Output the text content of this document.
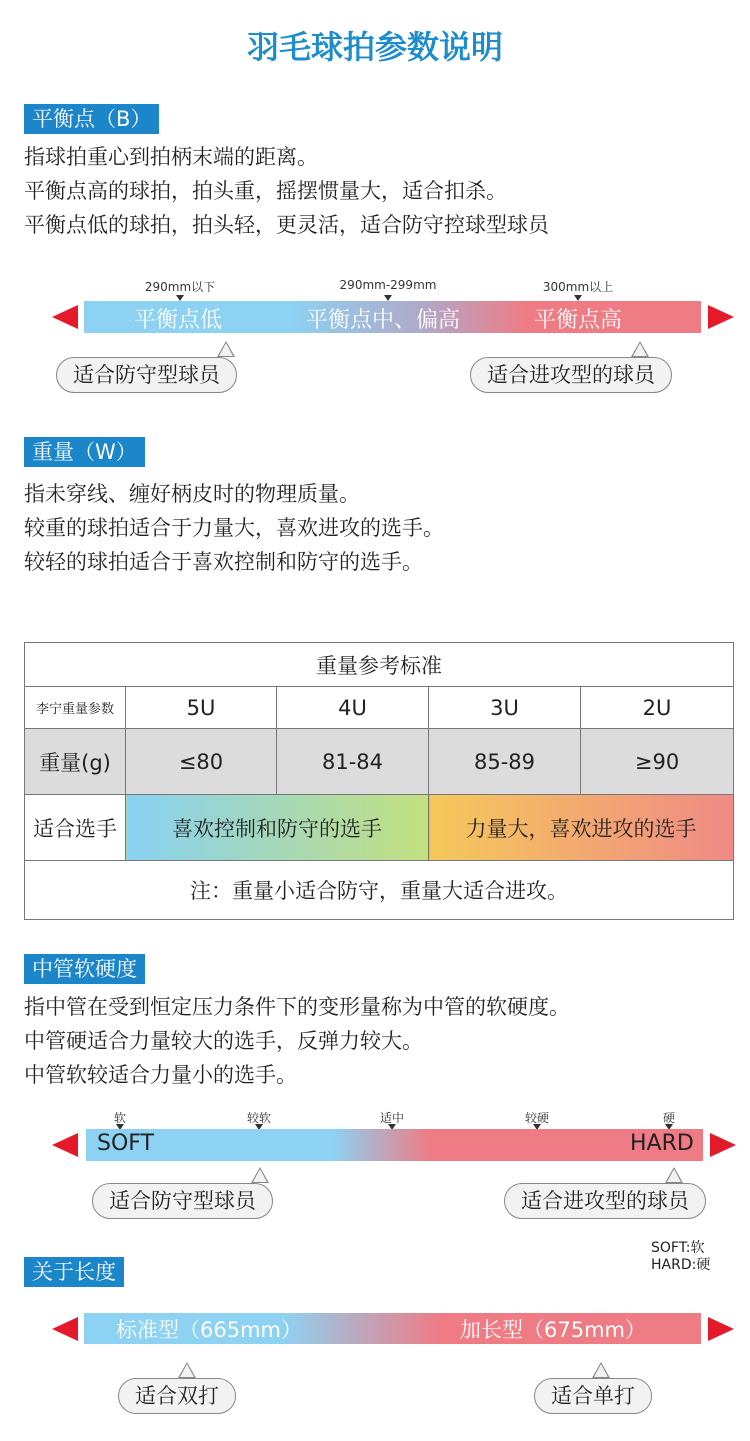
羽毛球拍参数说明
平衡点（B）
指球拍重心到拍柄末端的距离。
平衡点高的球拍，拍头重，摇摆惯量大，适合扣杀。
平衡点低的球拍，拍头轻，更灵活，适合防守控球型球员
290mm以下	290mm-299mm	300mm以上
平衡点低	平衡点中、偏高	平衡点高
适合防守型球员	适合进攻型的球员
重量（W）
指未穿线、缠好柄皮时的物理质量。
较重的球拍适合于力量大，喜欢进攻的选手。
较轻的球拍适合于喜欢控制和防守的选手。
重量参考标准				
李宁重量参数	5U	4U	3U	2U
重量(g)	≤80	81-84	85-89	≥90
适合选手	喜欢控制和防守的选手		力量大，喜欢进攻的选手	
注：重量小适合防守，重量大适合进攻。				
中管软硬度
指中管在受到恒定压力条件下的变形量称为中管的软硬度。
中管硬适合力量较大的选手，反弹力较大。
中管软较适合力量小的选手。
软	较软	适中	较硬	硬
SOFT	HARD
适合防守型球员	适合进攻型的球员
SOFT:软
HARD:硬
关于长度
标准型（665mm）	加长型（675mm）
适合双打	适合单打
